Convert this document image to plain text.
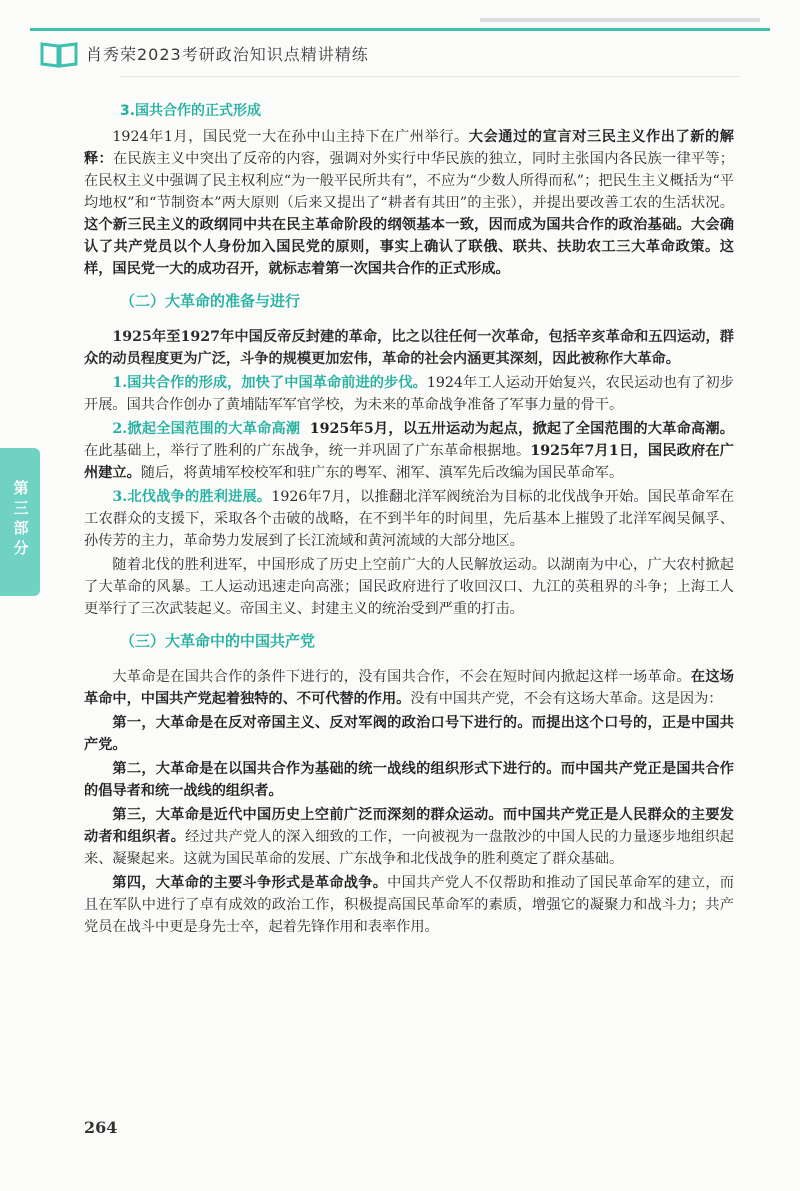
肖秀荣2023考研政治知识点精讲精练
第三部分
3.国共合作的正式形成

1924年1月，国民党一大在孙中山主持下在广州举行。大会通过的宣言对三民主义作出了新的解释：在民族主义中突出了反帝的内容，强调对外实行中华民族的独立，同时主张国内各民族一律平等；在民权主义中强调了民主权利应“为一般平民所共有”，不应为“少数人所得而私”；把民生主义概括为“平均地权”和“节制资本”两大原则（后来又提出了“耕者有其田”的主张），并提出要改善工农的生活状况。这个新三民主义的政纲同中共在民主革命阶段的纲领基本一致，因而成为国共合作的政治基础。大会确认了共产党员以个人身份加入国民党的原则，事实上确认了联俄、联共、扶助农工三大革命政策。这样，国民党一大的成功召开，就标志着第一次国共合作的正式形成。

（二）大革命的准备与进行

1925年至1927年中国反帝反封建的革命，比之以往任何一次革命，包括辛亥革命和五四运动，群众的动员程度更为广泛，斗争的规模更加宏伟，革命的社会内涵更其深刻，因此被称作大革命。

1.国共合作的形成，加快了中国革命前进的步伐。1924年工人运动开始复兴，农民运动也有了初步开展。国共合作创办了黄埔陆军军官学校，为未来的革命战争准备了军事力量的骨干。

2.掀起全国范围的大革命高潮 1925年5月，以五卅运动为起点，掀起了全国范围的大革命高潮。在此基础上，举行了胜利的广东战争，统一并巩固了广东革命根据地。1925年7月1日，国民政府在广州建立。随后，将黄埔军校校军和驻广东的粤军、湘军、滇军先后改编为国民革命军。

3.北伐战争的胜利进展。1926年7月，以推翻北洋军阀统治为目标的北伐战争开始。国民革命军在工农群众的支援下，采取各个击破的战略，在不到半年的时间里，先后基本上摧毁了北洋军阀吴佩孚、孙传芳的主力，革命势力发展到了长江流域和黄河流域的大部分地区。

随着北伐的胜利进军，中国形成了历史上空前广大的人民解放运动。以湖南为中心，广大农村掀起了大革命的风暴。工人运动迅速走向高涨；国民政府进行了收回汉口、九江的英租界的斗争；上海工人更举行了三次武装起义。帝国主义、封建主义的统治受到严重的打击。

（三）大革命中的中国共产党

大革命是在国共合作的条件下进行的，没有国共合作，不会在短时间内掀起这样一场革命。在这场革命中，中国共产党起着独特的、不可代替的作用。没有中国共产党，不会有这场大革命。这是因为：

第一，大革命是在反对帝国主义、反对军阀的政治口号下进行的。而提出这个口号的，正是中国共产党。

第二，大革命是在以国共合作为基础的统一战线的组织形式下进行的。而中国共产党正是国共合作的倡导者和统一战线的组织者。

第三，大革命是近代中国历史上空前广泛而深刻的群众运动。而中国共产党正是人民群众的主要发动者和组织者。经过共产党人的深入细致的工作，一向被视为一盘散沙的中国人民的力量逐步地组织起来、凝聚起来。这就为国民革命的发展、广东战争和北伐战争的胜利奠定了群众基础。

第四，大革命的主要斗争形式是革命战争。中国共产党人不仅帮助和推动了国民革命军的建立，而且在军队中进行了卓有成效的政治工作，积极提高国民革命军的素质，增强它的凝聚力和战斗力；共产党员在战斗中更是身先士卒，起着先锋作用和表率作用。

264
